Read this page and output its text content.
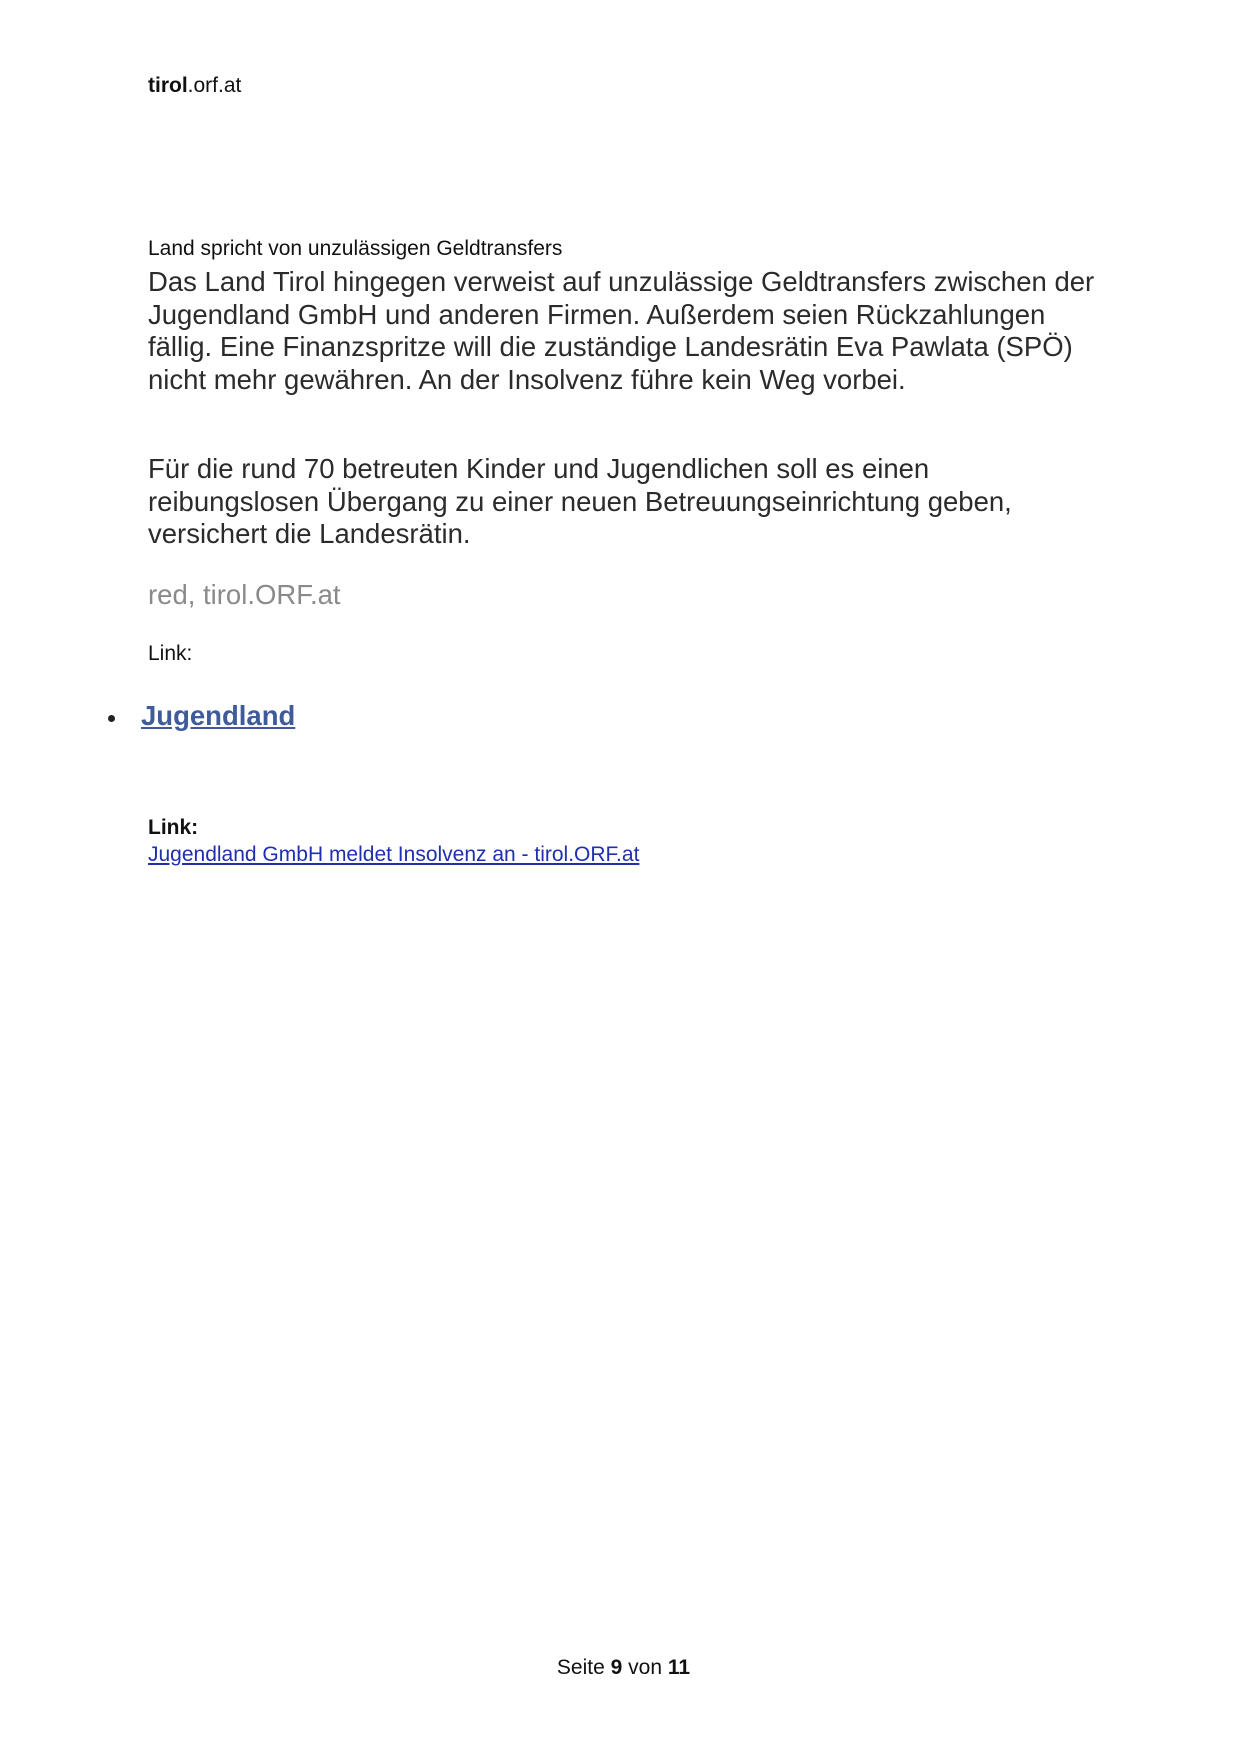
tirol.orf.at
Land spricht von unzulässigen Geldtransfers

Das Land Tirol hingegen verweist auf unzulässige Geldtransfers zwischen der Jugendland GmbH und anderen Firmen. Außerdem seien Rückzahlungen fällig. Eine Finanzspritze will die zuständige Landesrätin Eva Pawlata (SPÖ) nicht mehr gewähren. An der Insolvenz führe kein Weg vorbei.

Für die rund 70 betreuten Kinder und Jugendlichen soll es einen reibungslosen Übergang zu einer neuen Betreuungseinrichtung geben, versichert die Landesrätin.

red, tirol.ORF.at
Link:
Jugendland
Link:
Jugendland GmbH meldet Insolvenz an - tirol.ORF.at
Seite 9 von 11
